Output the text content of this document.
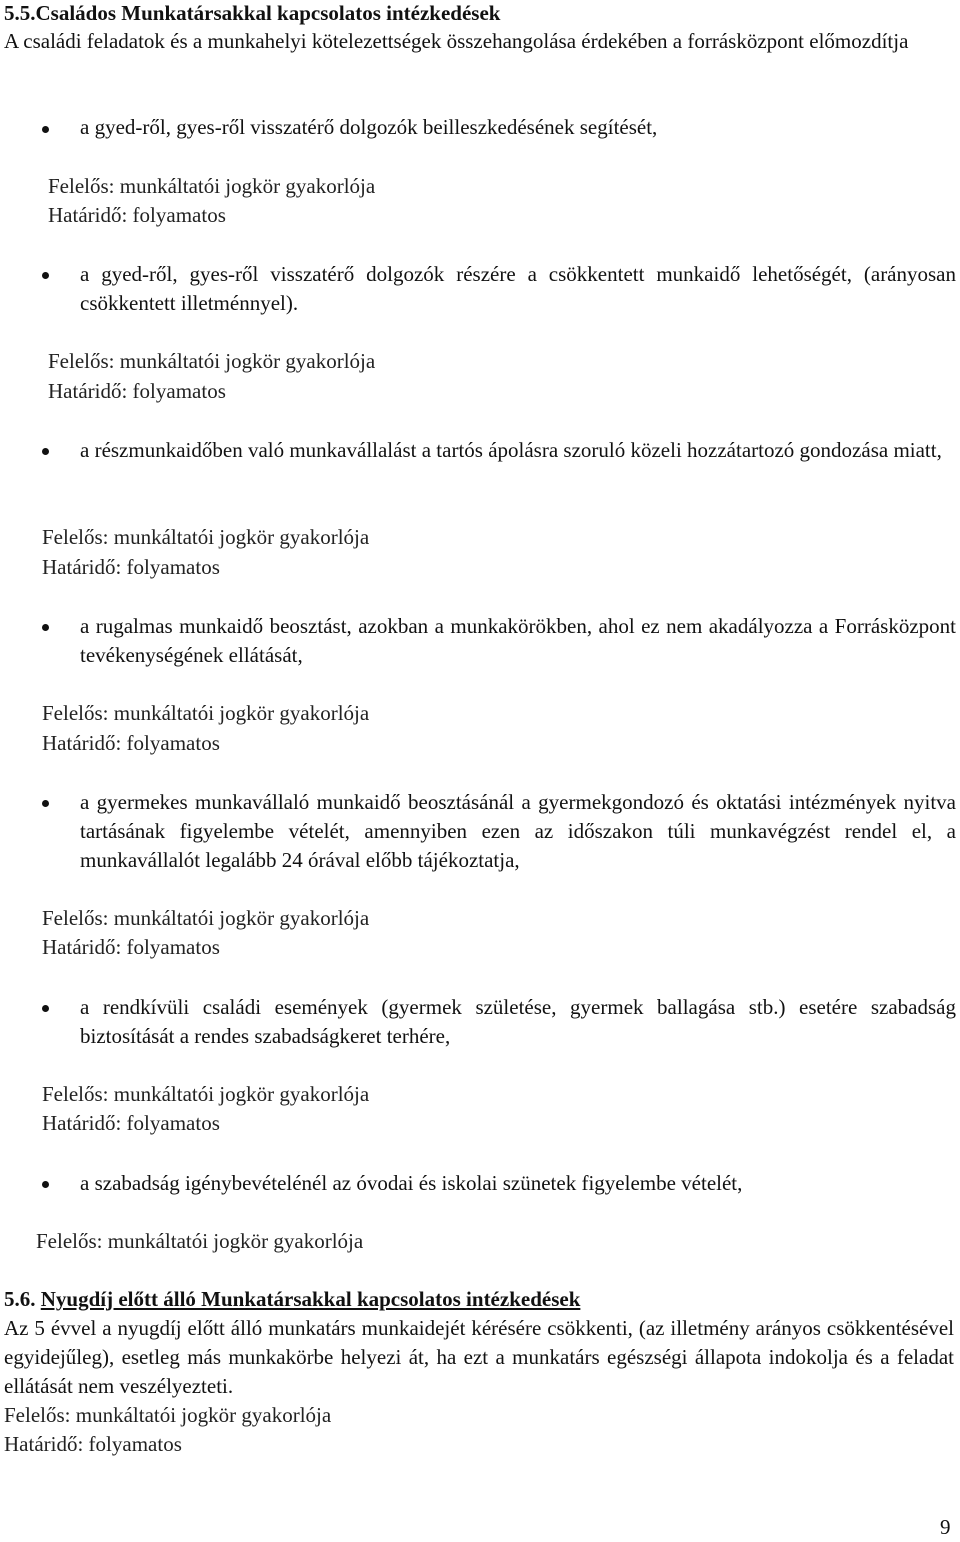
5.5.Családos Munkatársakkal kapcsolatos intézkedések
A családi feladatok és a munkahelyi kötelezettségek összehangolása érdekében a forrásközpont előmozdítja
a gyed-ről, gyes-ről visszatérő dolgozók beilleszkedésének segítését,
Felelős: munkáltatói jogkör gyakorlója
Határidő: folyamatos
a gyed-ről, gyes-ről visszatérő dolgozók részére a csökkentett munkaidő lehetőségét, (arányosan csökkentett illetménnyel).
Felelős: munkáltatói jogkör gyakorlója
Határidő: folyamatos
a részmunkaidőben való munkavállalást a tartós ápolásra szoruló közeli hozzátartozó gondozása miatt,
Felelős: munkáltatói jogkör gyakorlója
Határidő: folyamatos
a rugalmas munkaidő beosztást, azokban a munkakörökben, ahol ez nem akadályozza a Forrásközpont tevékenységének ellátását,
Felelős: munkáltatói jogkör gyakorlója
Határidő: folyamatos
a gyermekes munkavállaló munkaidő beosztásánál a gyermekgondozó és oktatási intézmények nyitva tartásának figyelembe vételét, amennyiben ezen az időszakon túli munkavégzést rendel el, a munkavállalót legalább 24 órával előbb tájékoztatja,
Felelős: munkáltatói jogkör gyakorlója
Határidő: folyamatos
a rendkívüli családi események (gyermek születése, gyermek ballagása stb.) esetére szabadság biztosítását a rendes szabadságkeret terhére,
Felelős: munkáltatói jogkör gyakorlója
Határidő: folyamatos
a szabadság igénybevételénél az óvodai és iskolai szünetek figyelembe vételét,
Felelős: munkáltatói jogkör gyakorlója
5.6. Nyugdíj előtt álló Munkatársakkal kapcsolatos intézkedések
Az 5 évvel a nyugdíj előtt álló munkatárs munkaidejét kérésére csökkenti, (az illetmény arányos csökkentésével egyidejűleg), esetleg más munkakörbe helyezi át, ha ezt a munkatárs egészségi állapota indokolja és a feladat ellátását nem veszélyezteti.
Felelős: munkáltatói jogkör gyakorlója
Határidő: folyamatos
9
